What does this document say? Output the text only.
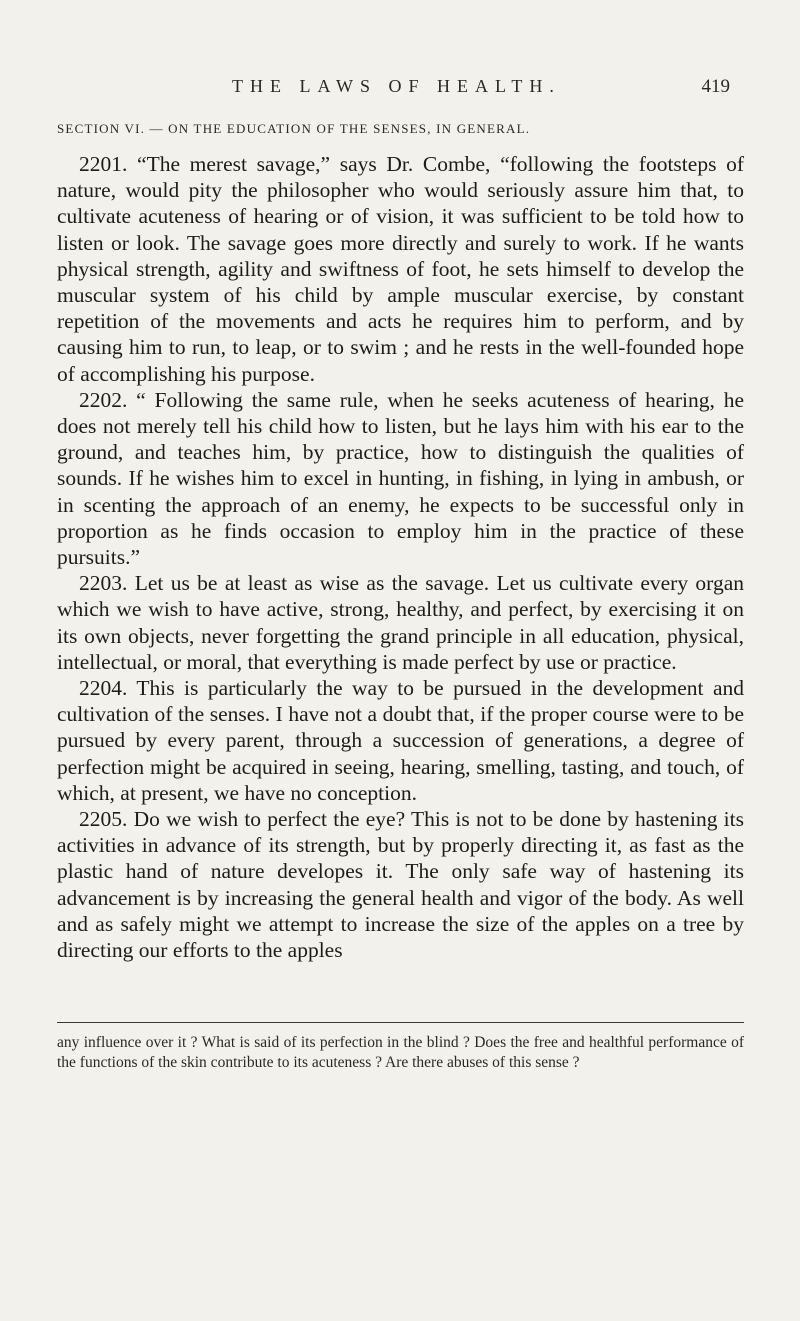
THE LAWS OF HEALTH.	419
SECTION VI. — ON THE EDUCATION OF THE SENSES, IN GENERAL.

2201. “The merest savage,” says Dr. Combe, “following the footsteps of nature, would pity the philosopher who would seriously assure him that, to cultivate acuteness of hearing or of vision, it was sufficient to be told how to listen or look. The savage goes more directly and surely to work. If he wants physical strength, agility and swiftness of foot, he sets himself to develop the muscular system of his child by ample muscular exercise, by constant repetition of the movements and acts he requires him to perform, and by causing him to run, to leap, or to swim ; and he rests in the well-founded hope of accomplishing his purpose.

2202. “ Following the same rule, when he seeks acuteness of hearing, he does not merely tell his child how to listen, but he lays him with his ear to the ground, and teaches him, by practice, how to distinguish the qualities of sounds. If he wishes him to excel in hunting, in fishing, in lying in ambush, or in scenting the approach of an enemy, he expects to be successful only in proportion as he finds occasion to employ him in the practice of these pursuits.”

2203. Let us be at least as wise as the savage. Let us cultivate every organ which we wish to have active, strong, healthy, and perfect, by exercising it on its own objects, never forgetting the grand principle in all education, physical, intellectual, or moral, that everything is made perfect by use or practice.

2204. This is particularly the way to be pursued in the development and cultivation of the senses. I have not a doubt that, if the proper course were to be pursued by every parent, through a succession of generations, a degree of perfection might be acquired in seeing, hearing, smelling, tasting, and touch, of which, at present, we have no conception.

2205. Do we wish to perfect the eye? This is not to be done by hastening its activities in advance of its strength, but by properly directing it, as fast as the plastic hand of nature developes it. The only safe way of hastening its advancement is by increasing the general health and vigor of the body. As well and as safely might we attempt to increase the size of the apples on a tree by directing our efforts to the apples

any influence over it ? What is said of its perfection in the blind ? Does the free and healthful performance of the functions of the skin contribute to its acuteness ? Are there abuses of this sense ?
